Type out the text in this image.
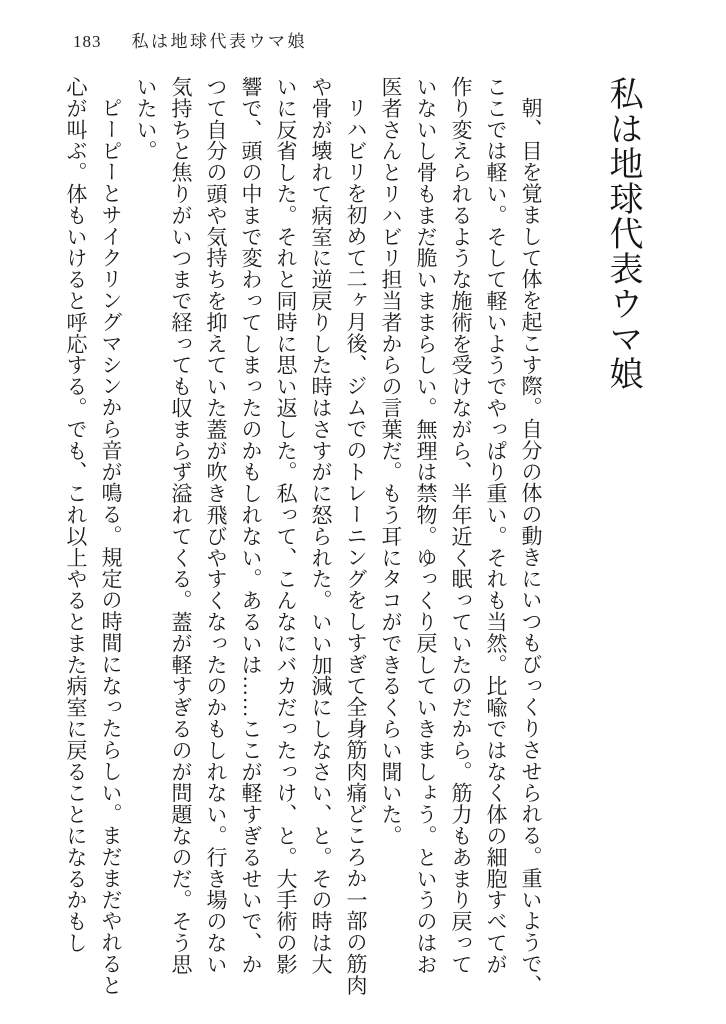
183 私は地球代表ウマ娘
私は地球代表ウマ娘

朝、目を覚まして体を起こす際。自分の体の動きにいつもびっくりさせられる。重いようで、ここでは軽い。そして軽いようでやっぱり重い。それも当然。比喩ではなく体の細胞すべてが作り変えられるような施術を受けながら、半年近く眠っていたのだから。筋力もあまり戻っていないし骨もまだ脆いままらしい。無理は禁物。ゆっくり戻していきましょう。というのはお医者さんとリハビリ担当者からの言葉だ。もう耳にタコができるくらい聞いた。

リハビリを初めて二ヶ月後、ジムでのトレーニングをしすぎて全身筋肉痛どころか一部の筋肉や骨が壊れて病室に逆戻りした時はさすがに怒られた。いい加減にしなさい、と。その時は大いに反省した。それと同時に思い返した。私って、こんなにバカだったっけ、と。大手術の影響で、頭の中まで変わってしまったのかもしれない。あるいは……ここが軽すぎるせいで、かつて自分の頭や気持ちを抑えていた蓋が吹き飛びやすくなったのかもしれない。行き場のない気持ちと焦りがいつまで経っても収まらず溢れてくる。蓋が軽すぎるのが問題なのだ。そう思いたい。

ピーピーとサイクリングマシンから音が鳴る。規定の時間になったらしい。まだまだやれると心が叫ぶ。体もいけると呼応する。でも、これ以上やるとまた病室に戻ることになるかもし
